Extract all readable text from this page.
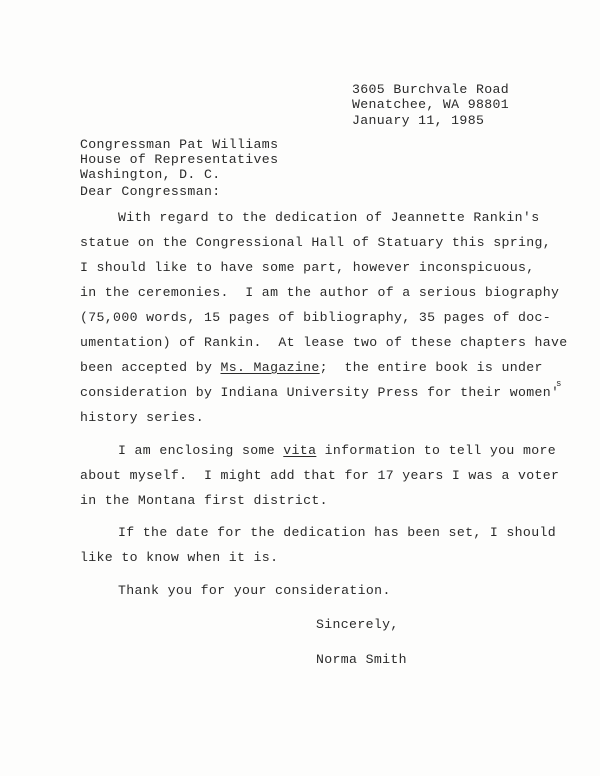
3605 Burchvale Road
Wenatchee, WA 98801
January 11, 1985
Congressman Pat Williams
House of Representatives
Washington, D. C.
Dear Congressman:
With regard to the dedication of Jeannette Rankin's
statue on the Congressional Hall of Statuary this spring,
I should like to have some part, however inconspicuous,
in the ceremonies.  I am the author of a serious biography
(75,000 words, 15 pages of bibliography, 35 pages of doc-
umentation) of Rankin.  At lease two of these chapters have
been accepted by Ms. Magazine;  the entire book is under
consideration by Indiana University Press for their women'
s
history series.
I am enclosing some vita information to tell you more
about myself.  I might add that for 17 years I was a voter
in the Montana first district.
If the date for the dedication has been set, I should
like to know when it is.
Thank you for your consideration.
Sincerely,
Norma Smith
